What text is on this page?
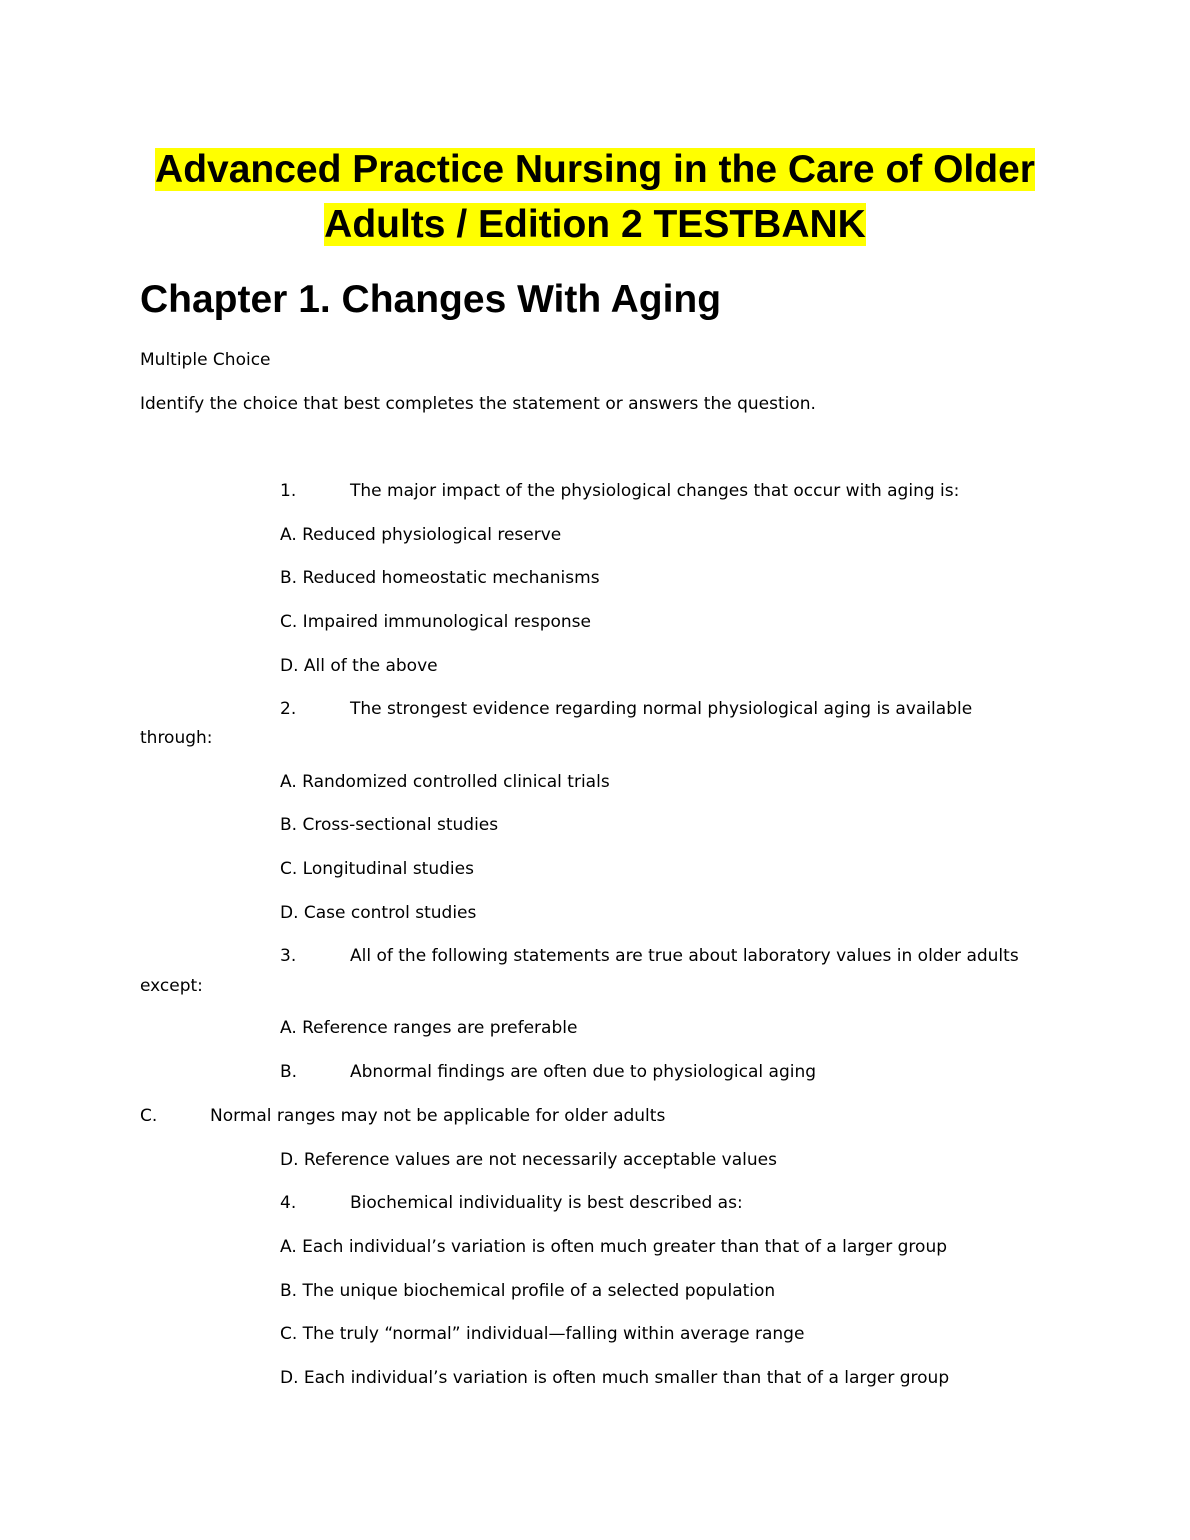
Advanced Practice Nursing in the Care of Older
Adults / Edition 2 TESTBANK
Chapter 1. Changes With Aging

Multiple Choice

Identify the choice that best completes the statement or answers the question.

1.	The major impact of the physiological changes that occur with aging is:

A. Reduced physiological reserve

B. Reduced homeostatic mechanisms

C. Impaired immunological response

D. All of the above

2.	The strongest evidence regarding normal physiological aging is available

through:

A. Randomized controlled clinical trials

B. Cross-sectional studies

C. Longitudinal studies

D. Case control studies

3.	All of the following statements are true about laboratory values in older adults

except:

A. Reference ranges are preferable

B.	Abnormal findings are often due to physiological aging

C.	Normal ranges may not be applicable for older adults

D. Reference values are not necessarily acceptable values

4.	Biochemical individuality is best described as:

A. Each individual’s variation is often much greater than that of a larger group

B. The unique biochemical profile of a selected population

C. The truly “normal” individual—falling within average range

D. Each individual’s variation is often much smaller than that of a larger group
